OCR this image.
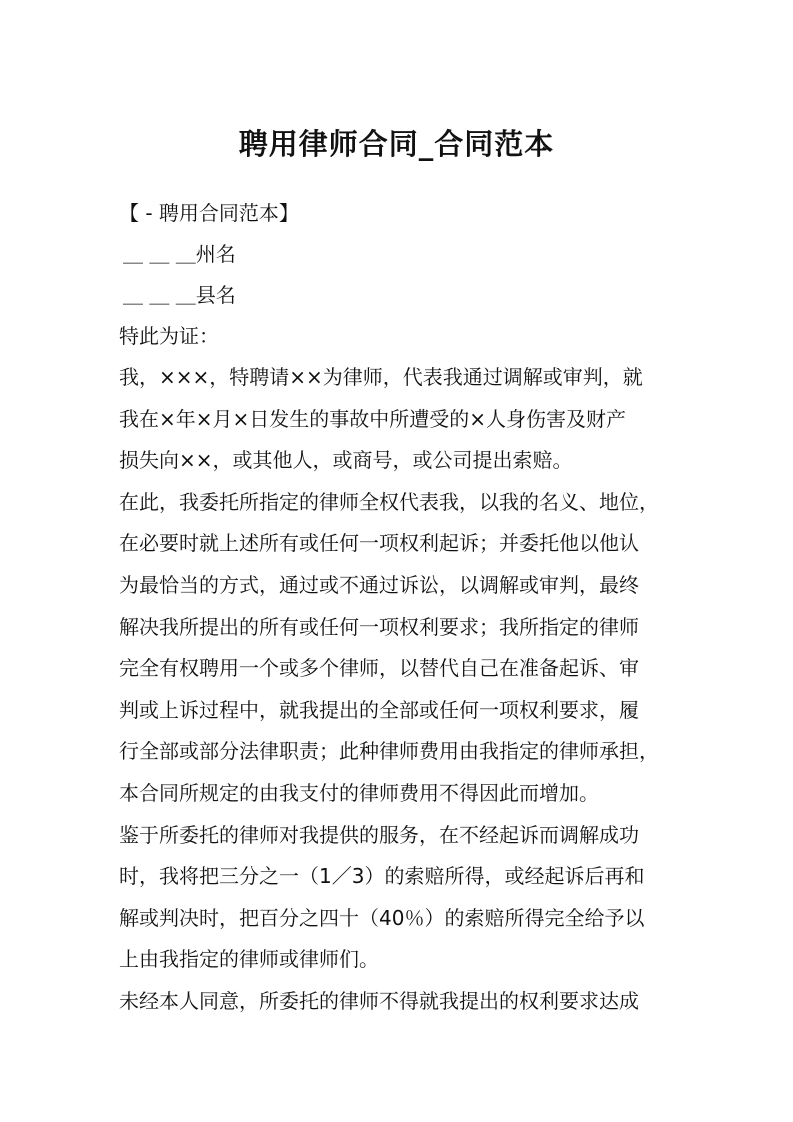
聘用律师合同_合同范本
【 - 聘用合同范本】
＿ ＿ ＿州名
＿ ＿ ＿县名
特此为证：
我，×××，特聘请××为律师，代表我通过调解或审判，就
我在×年×月×日发生的事故中所遭受的×人身伤害及财产
损失向××，或其他人，或商号，或公司提出索赔。
在此，我委托所指定的律师全权代表我，以我的名义、地位，
在必要时就上述所有或任何一项权利起诉；并委托他以他认
为最恰当的方式，通过或不通过诉讼，以调解或审判，最终
解决我所提出的所有或任何一项权利要求；我所指定的律师
完全有权聘用一个或多个律师，以替代自己在准备起诉、审
判或上诉过程中，就我提出的全部或任何一项权利要求，履
行全部或部分法律职责；此种律师费用由我指定的律师承担，
本合同所规定的由我支付的律师费用不得因此而增加。
鉴于所委托的律师对我提供的服务，在不经起诉而调解成功
时，我将把三分之一（1／3）的索赔所得，或经起诉后再和
解或判决时，把百分之四十（40％）的索赔所得完全给予以
上由我指定的律师或律师们。
未经本人同意，所委托的律师不得就我提出的权利要求达成
